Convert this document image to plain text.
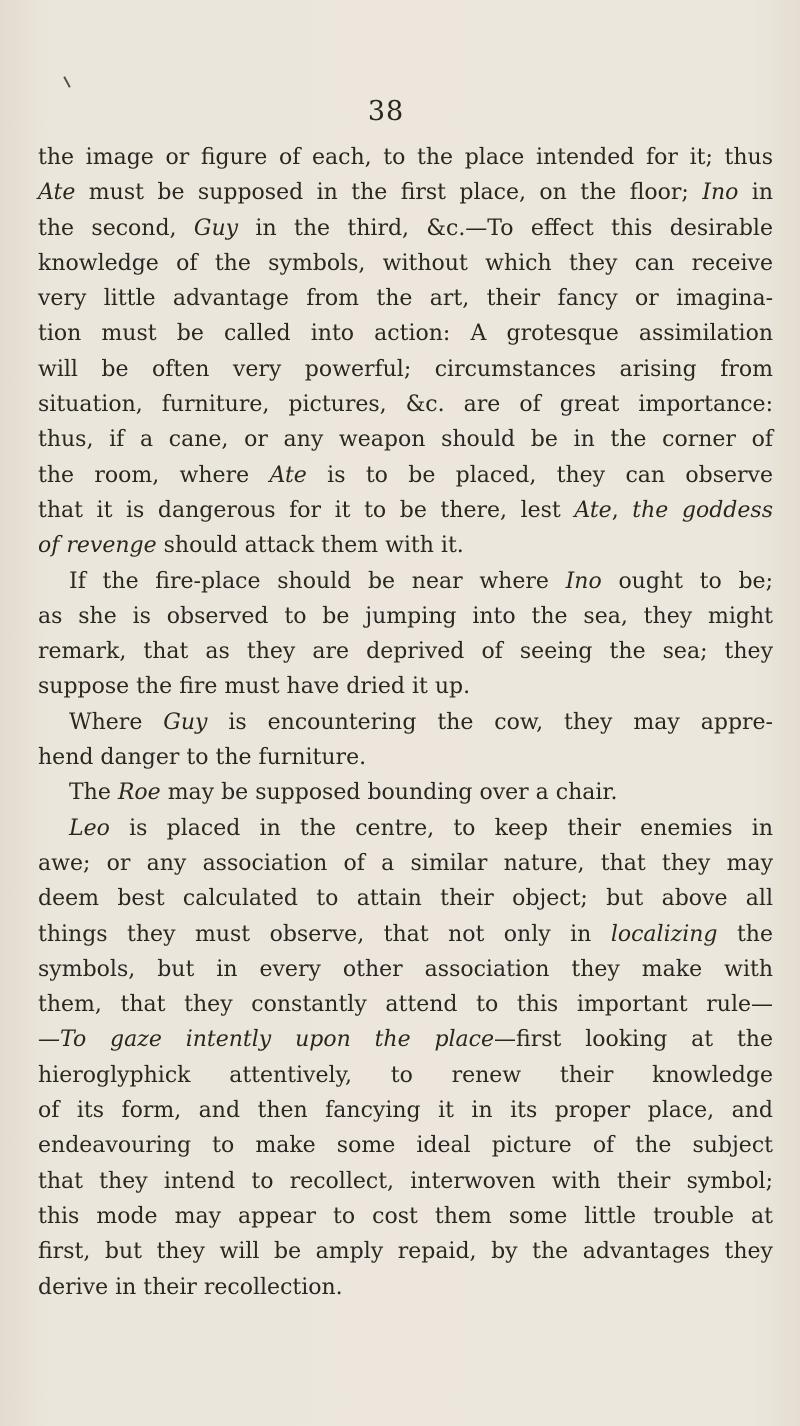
38
the image or figure of each, to the place intended for it; thus
Ate must be supposed in the first place, on the floor; Ino in
the second, Guy in the third, &c.—To effect this desirable
knowledge of the symbols, without which they can receive
very little advantage from the art, their fancy or imagina-
tion must be called into action: A grotesque assimilation
will be often very powerful; circumstances arising from
situation, furniture, pictures, &c. are of great importance:
thus, if a cane, or any weapon should be in the corner of
the room, where Ate is to be placed, they can observe
that it is dangerous for it to be there, lest Ate, the goddess
of revenge should attack them with it.
If the fire-place should be near where Ino ought to be;
as she is observed to be jumping into the sea, they might
remark, that as they are deprived of seeing the sea; they
suppose the fire must have dried it up.
Where Guy is encountering the cow, they may appre-
hend danger to the furniture.
The Roe may be supposed bounding over a chair.
Leo is placed in the centre, to keep their enemies in
awe; or any association of a similar nature, that they may
deem best calculated to attain their object; but above all
things they must observe, that not only in localizing the
symbols, but in every other association they make with
them, that they constantly attend to this important rule—
—To gaze intently upon the place—first looking at the
hieroglyphick attentively, to renew their knowledge
of its form, and then fancying it in its proper place, and
endeavouring to make some ideal picture of the subject
that they intend to recollect, interwoven with their symbol;
this mode may appear to cost them some little trouble at
first, but they will be amply repaid, by the advantages they
derive in their recollection.
